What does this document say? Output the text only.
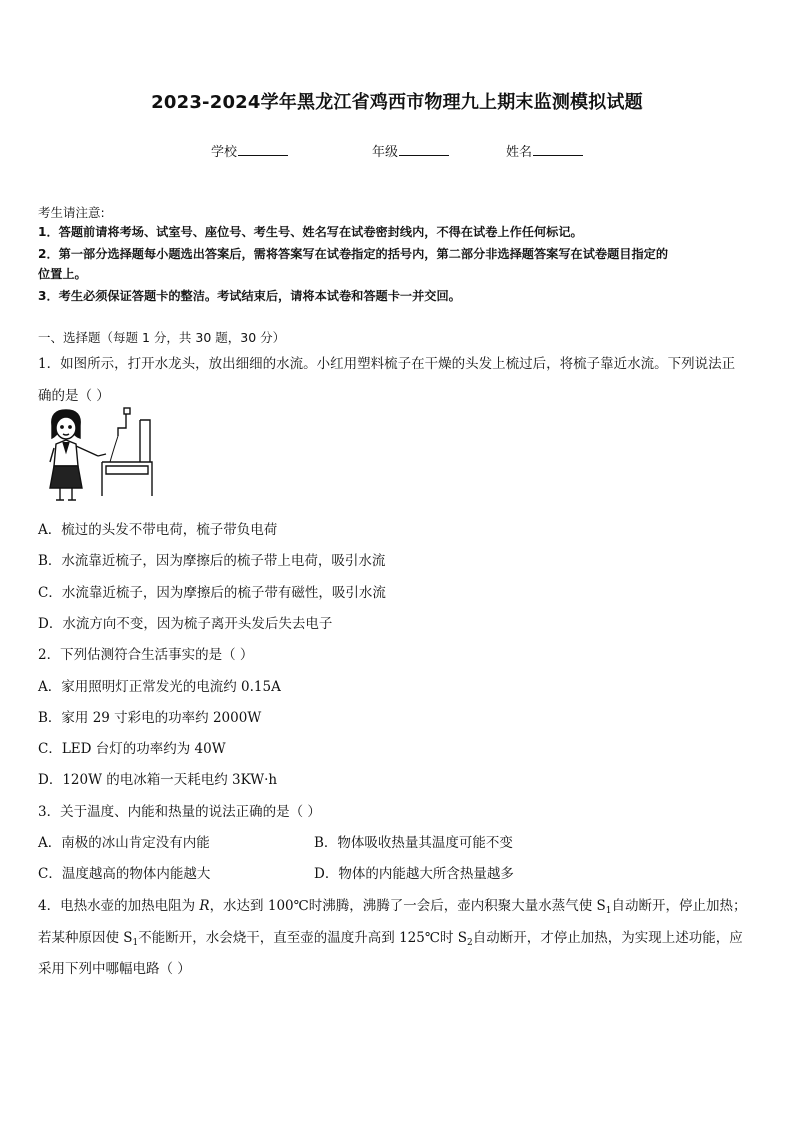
2023-2024学年黑龙江省鸡西市物理九上期末监测模拟试题
学校	年级	姓名
考生请注意:
1．答题前请将考场、试室号、座位号、考生号、姓名写在试卷密封线内，不得在试卷上作任何标记。
2．第一部分选择题每小题选出答案后，需将答案写在试卷指定的括号内，第二部分非选择题答案写在试卷题目指定的
位置上。
3．考生必须保证答题卡的整洁。考试结束后，请将本试卷和答题卡一并交回。
一、选择题（每题 1 分，共 30 题，30 分）
1．如图所示，打开水龙头，放出细细的水流。小红用塑料梳子在干燥的头发上梳过后，将梳子靠近水流。下列说法正
确的是（ ）
A．梳过的头发不带电荷，梳子带负电荷
B．水流靠近梳子，因为摩擦后的梳子带上电荷，吸引水流
C．水流靠近梳子，因为摩擦后的梳子带有磁性，吸引水流
D．水流方向不变，因为梳子离开头发后失去电子
2．下列估测符合生活事实的是（ ）
A．家用照明灯正常发光的电流约 0.15A
B．家用 29 寸彩电的功率约 2000W
C．LED 台灯的功率约为 40W
D．120W 的电冰箱一天耗电约 3KW·h
3．关于温度、内能和热量的说法正确的是（ ）
A．南极的冰山肯定没有内能	B．物体吸收热量其温度可能不变
C．温度越高的物体内能越大	D．物体的内能越大所含热量越多
4．电热水壶的加热电阻为 R，水达到 100℃时沸腾，沸腾了一会后，壶内积聚大量水蒸气使 $S_1$自动断开，停止加热；
若某种原因使 $S_1$不能断开，水会烧干，直至壶的温度升高到 125℃时 $S_2$自动断开，才停止加热，为实现上述功能，应
采用下列中哪幅电路（ ）
